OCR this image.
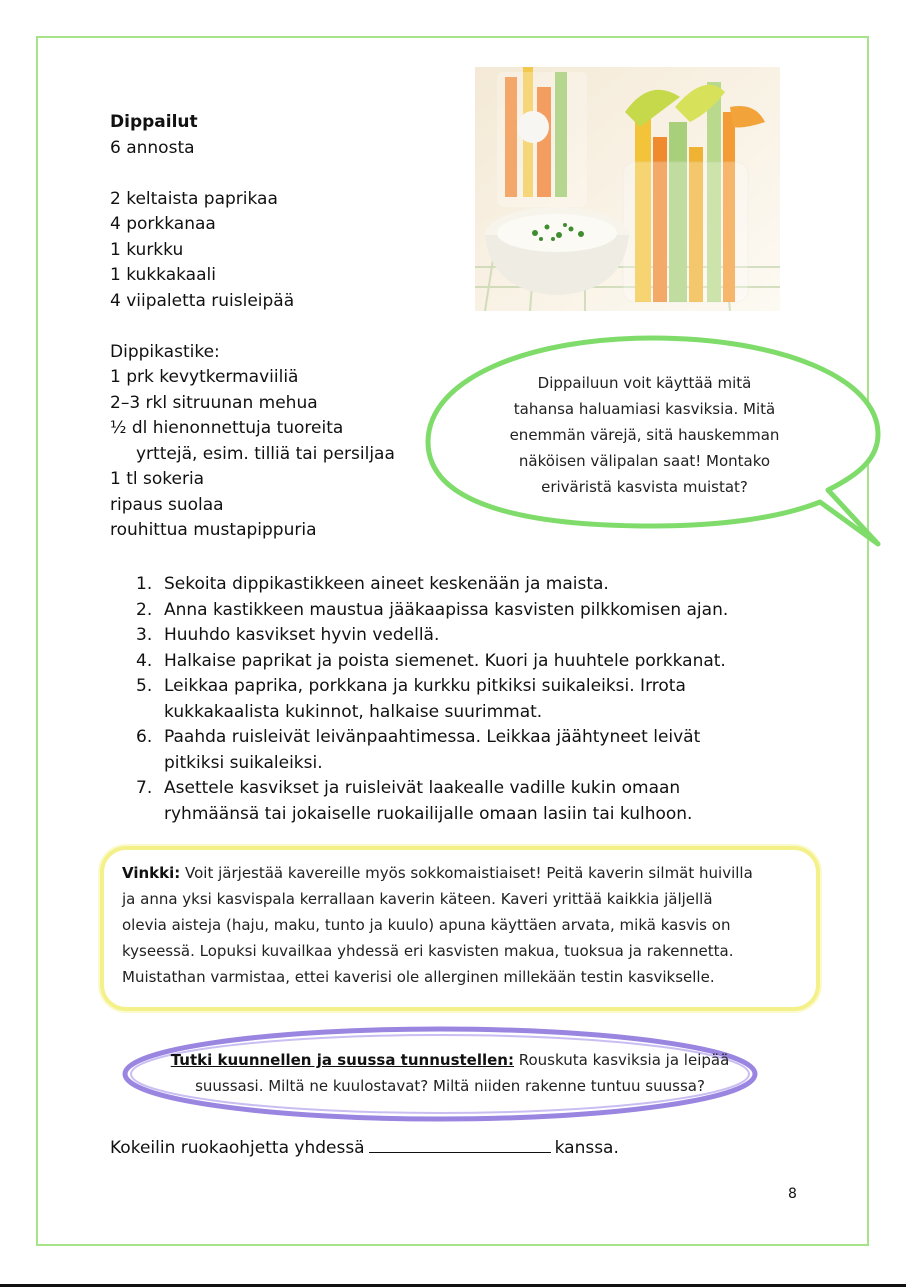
Dippailut
6 annosta
2 keltaista paprikaa
4 porkkanaa
1 kurkku
1 kukkakaali
4 viipaletta ruisleipää
Dippikastike:
1 prk kevytkermaviiliä
2–3 rkl sitruunan mehua
½ dl hienonnettuja tuoreita
yrttejä, esim. tilliä tai persiljaa
1 tl sokeria
ripaus suolaa
rouhittua mustapippuria
Dippailuun voit käyttää mitä
tahansa haluamiasi kasviksia. Mitä
enemmän värejä, sitä hauskemman
näköisen välipalan saat! Montako
eriväristä kasvista muistat?
1. Sekoita dippikastikkeen aineet keskenään ja maista.
2. Anna kastikkeen maustua jääkaapissa kasvisten pilkkomisen ajan.
3. Huuhdo kasvikset hyvin vedellä.
4. Halkaise paprikat ja poista siemenet. Kuori ja huuhtele porkkanat.
5. Leikkaa paprika, porkkana ja kurkku pitkiksi suikaleiksi. Irrota
kukkakaalista kukinnot, halkaise suurimmat.
6. Paahda ruisleivät leivänpaahtimessa. Leikkaa jäähtyneet leivät
pitkiksi suikaleiksi.
7. Asettele kasvikset ja ruisleivät laakealle vadille kukin omaan
ryhmäänsä tai jokaiselle ruokailijalle omaan lasiin tai kulhoon.
Vinkki: Voit järjestää kavereille myös sokkomaistiaiset! Peitä kaverin silmät huivilla
ja anna yksi kasvispala kerrallaan kaverin käteen. Kaveri yrittää kaikkia jäljellä
olevia aisteja (haju, maku, tunto ja kuulo) apuna käyttäen arvata, mikä kasvis on
kyseessä. Lopuksi kuvailkaa yhdessä eri kasvisten makua, tuoksua ja rakennetta.
Muistathan varmistaa, ettei kaverisi ole allerginen millekään testin kasvikselle.
Tutki kuunnellen ja suussa tunnustellen: Rouskuta kasviksia ja leipää
suussasi. Miltä ne kuulostavat? Miltä niiden rakenne tuntuu suussa?
Kokeilin ruokaohjetta yhdessä	kanssa.
8
